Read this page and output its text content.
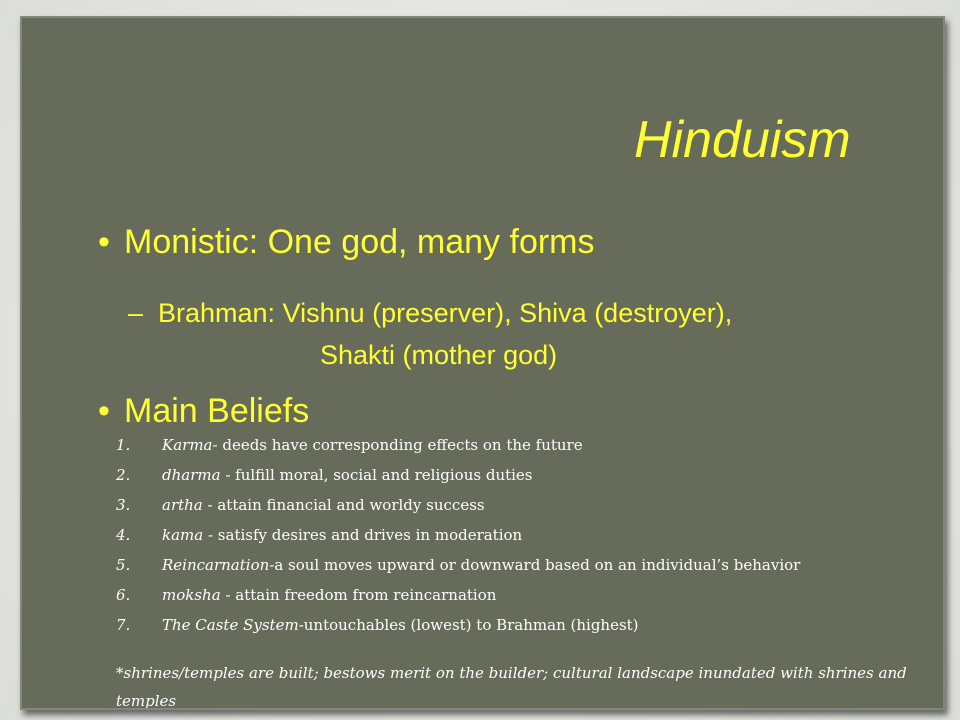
Hinduism
• Monistic: One god, many forms
– Brahman: Vishnu (preserver), Shiva (destroyer),
Shakti (mother god)
• Main Beliefs
1.	Karma- deeds have corresponding effects on the future
2.	dharma - fulfill moral, social and religious duties
3.	artha - attain financial and worldy success
4.	kama - satisfy desires and drives in moderation
5.	Reincarnation-a soul moves upward or downward based on an individual’s behavior
6.	moksha - attain freedom from reincarnation
7.	The Caste System-untouchables (lowest) to Brahman (highest)
*shrines/temples are built; bestows merit on the builder; cultural landscape inundated with shrines and temples
